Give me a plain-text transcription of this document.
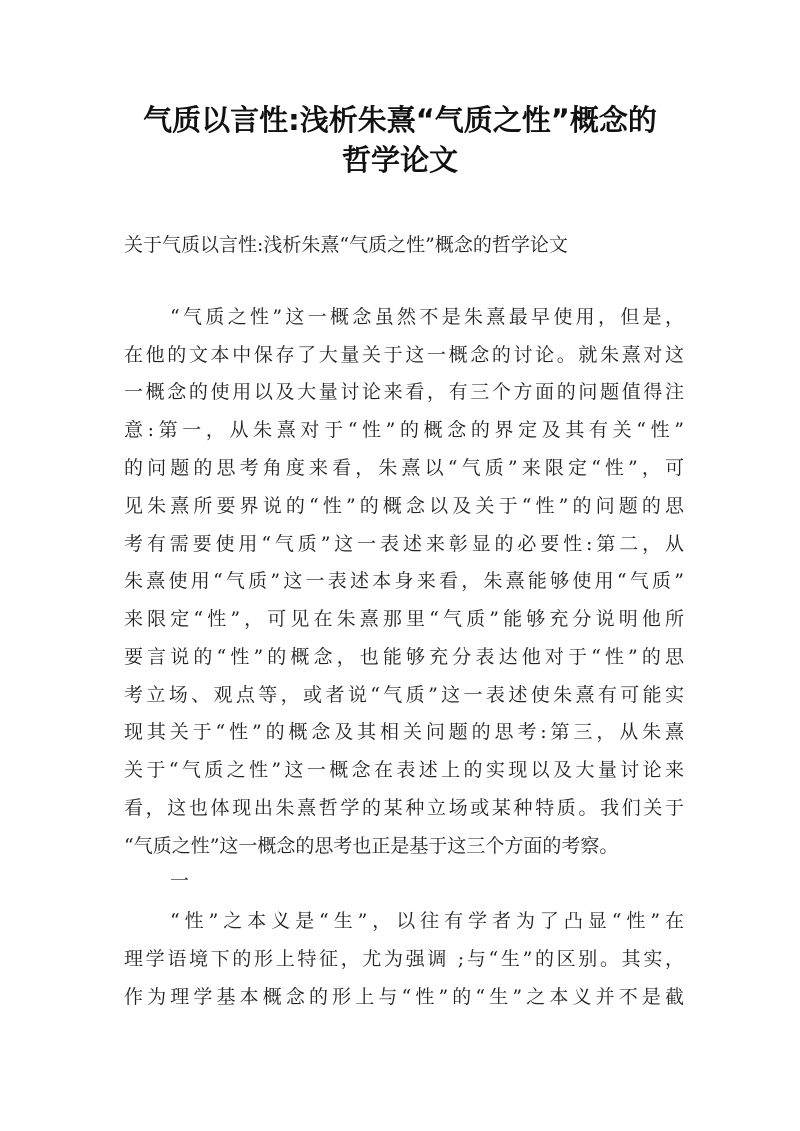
气质以言性:浅析朱熹“气质之性”概念的
哲学论文
关于气质以言性:浅析朱熹“气质之性”概念的哲学论文
“气质之性”这一概念虽然不是朱熹最早使用，但是，
在他的文本中保存了大量关于这一概念的讨论。就朱熹对这
一概念的使用以及大量讨论来看，有三个方面的问题值得注
意:第一，从朱熹对于“性”的概念的界定及其有关“性”
的问题的思考角度来看，朱熹以“气质”来限定“性”，可
见朱熹所要界说的“性”的概念以及关于“性”的问题的思
考有需要使用“气质”这一表述来彰显的必要性:第二，从
朱熹使用“气质”这一表述本身来看，朱熹能够使用“气质”
来限定“性”，可见在朱熹那里“气质”能够充分说明他所
要言说的“性”的概念，也能够充分表达他对于“性”的思
考立场、观点等，或者说“气质”这一表述使朱熹有可能实
现其关于“性”的概念及其相关问题的思考:第三，从朱熹
关于“气质之性”这一概念在表述上的实现以及大量讨论来
看，这也体现出朱熹哲学的某种立场或某种特质。我们关于
“气质之性”这一概念的思考也正是基于这三个方面的考察。
一
“性”之本义是“生”，以往有学者为了凸显“性”在
理学语境下的形上特征，尤为强调 ;与“生”的区别。其实，
作为理学基本概念的形上与“性”的“生”之本义并不是截
